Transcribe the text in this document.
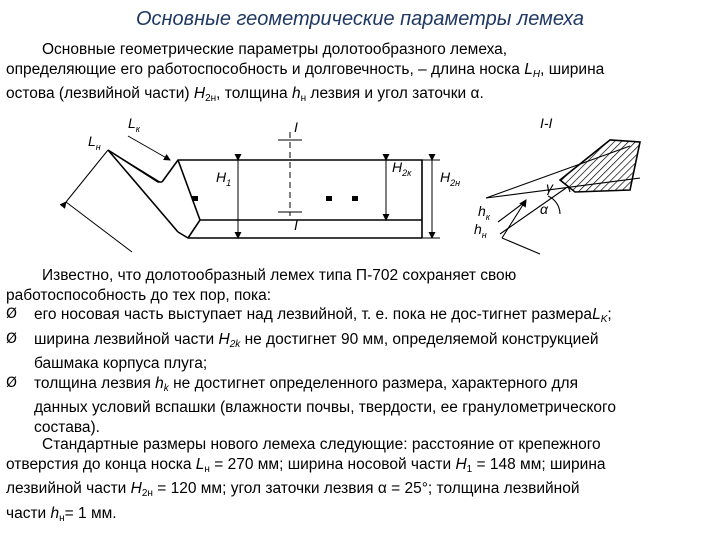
Основные геометрические параметры лемеха
Основные геометрические параметры долотообразного лемеха,
определяющие его работоспособность и долговечность, – длина носка $L_H$, ширина
остова (лезвийной части) $H_{2н}$, толщина $h_н$ лезвия и угол заточки α.
$L_н$
$L_к$	I
I
$H_1$
$H_{2к}$ $H_{2н}$
I-I
γ
α
$h_к$
$h_н$
Известно, что долотообразный лемех типа П-702 сохраняет свою
работоспособность до тех пор, пока:
Ø его носовая часть выступает над лезвийной, т. е. пока не дос-тигнет размераL$_K$;
Ø ширина лезвийной части $H_{2k}$ не достигнет 90 мм, определяемой конструкцией
башмака корпуса плуга;
Ø толщина лезвия $h_k$ не достигнет определенного размера, характерного для
данных условий вспашки (влажности почвы, твердости, ее гранулометрического
состава).
Стандартные размеры нового лемеха следующие: расстояние от крепежного
отверстия до конца носка $L_н = 270$ мм; ширина носовой части $H_1 = 148$ мм; ширина
лезвийной части $H_{2н} = 120$ мм; угол заточки лезвия α = 25°; толщина лезвийной
части $h_н= 1$ мм.
